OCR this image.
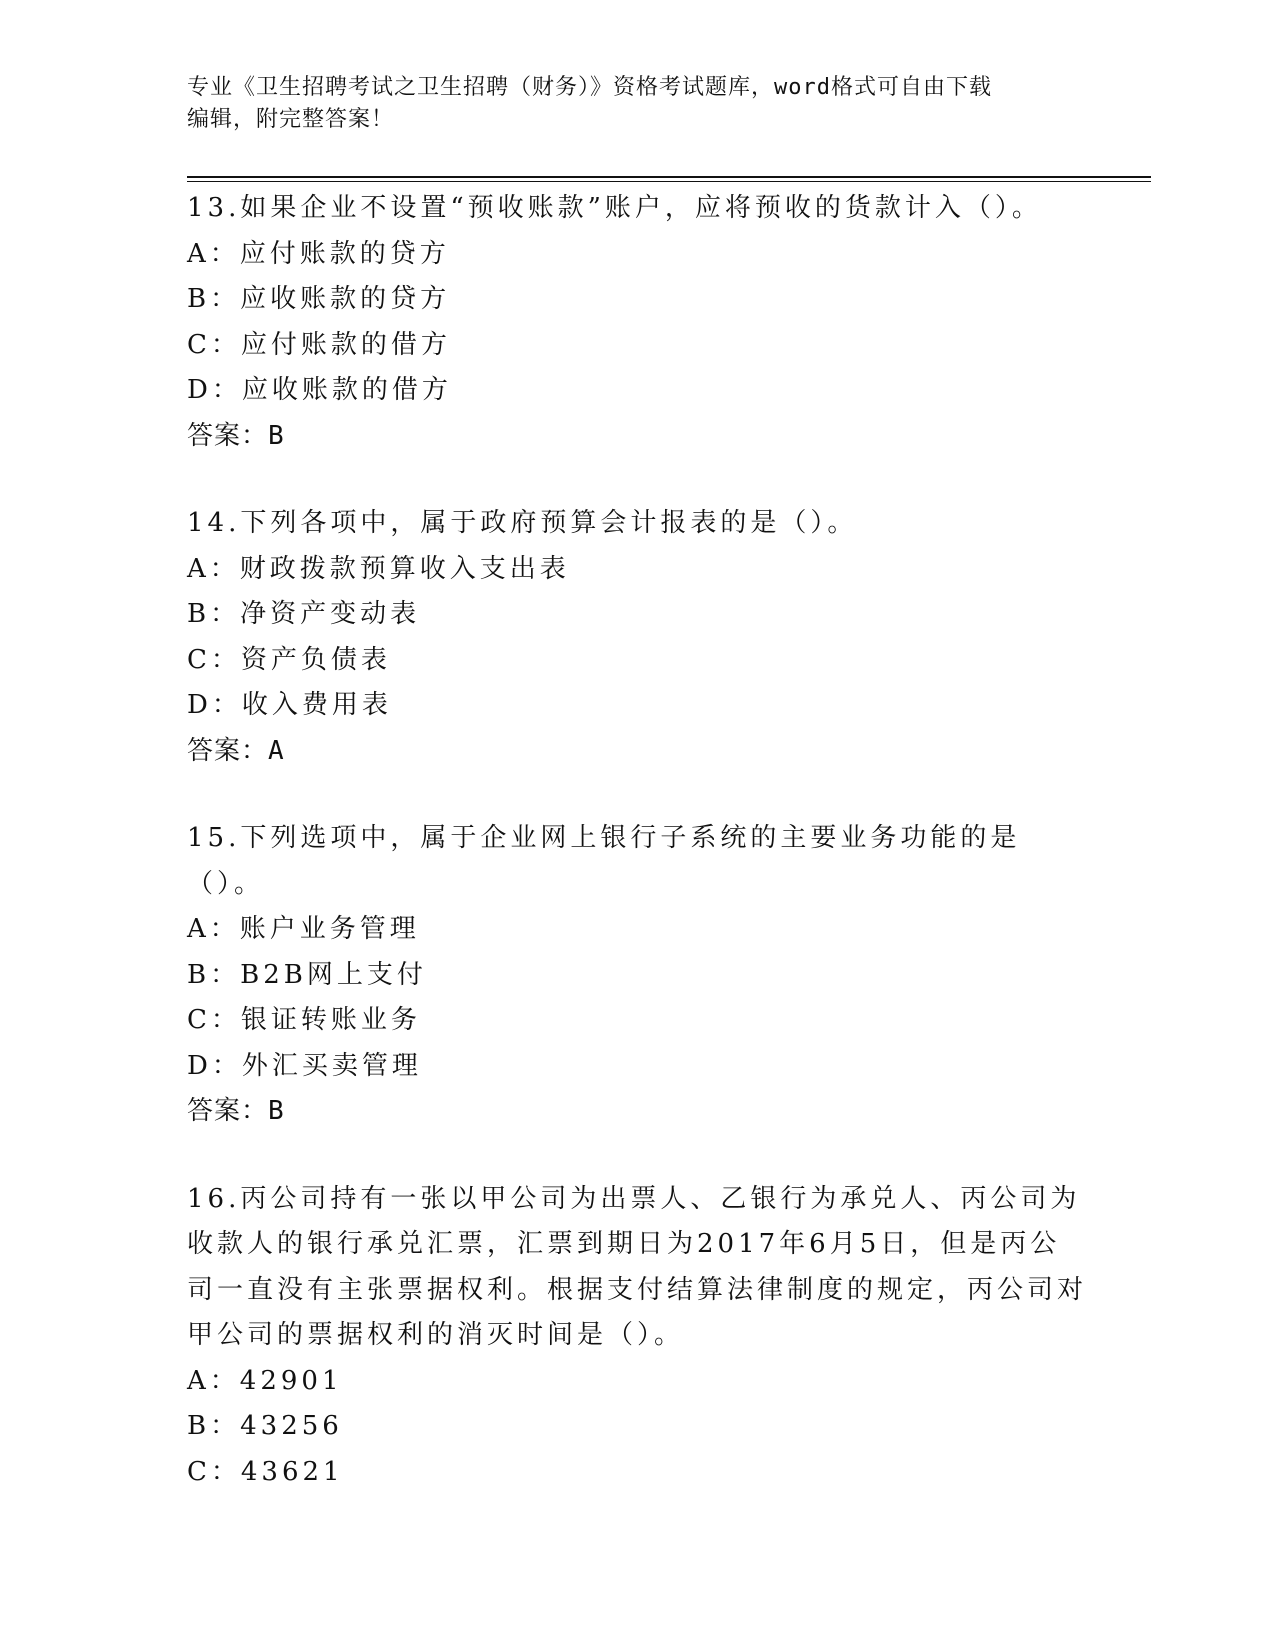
专业《卫生招聘考试之卫生招聘（财务）》资格考试题库，word格式可自由下载
编辑，附完整答案！

13.如果企业不设置“预收账款”账户，应将预收的货款计入（）。

A：应付账款的贷方

B：应收账款的贷方

C：应付账款的借方

D：应收账款的借方

答案：B

14.下列各项中，属于政府预算会计报表的是（）。

A：财政拨款预算收入支出表

B：净资产变动表

C：资产负债表

D：收入费用表

答案：A

15.下列选项中，属于企业网上银行子系统的主要业务功能的是（）。

A：账户业务管理

B：B2B网上支付

C：银证转账业务

D：外汇买卖管理

答案：B

16.丙公司持有一张以甲公司为出票人、乙银行为承兑人、丙公司为收款人的银行承兑汇票，汇票到期日为2017年6月5日，但是丙公司一直没有主张票据权利。根据支付结算法律制度的规定，丙公司对甲公司的票据权利的消灭时间是（）。

A：42901

B：43256

C：43621
